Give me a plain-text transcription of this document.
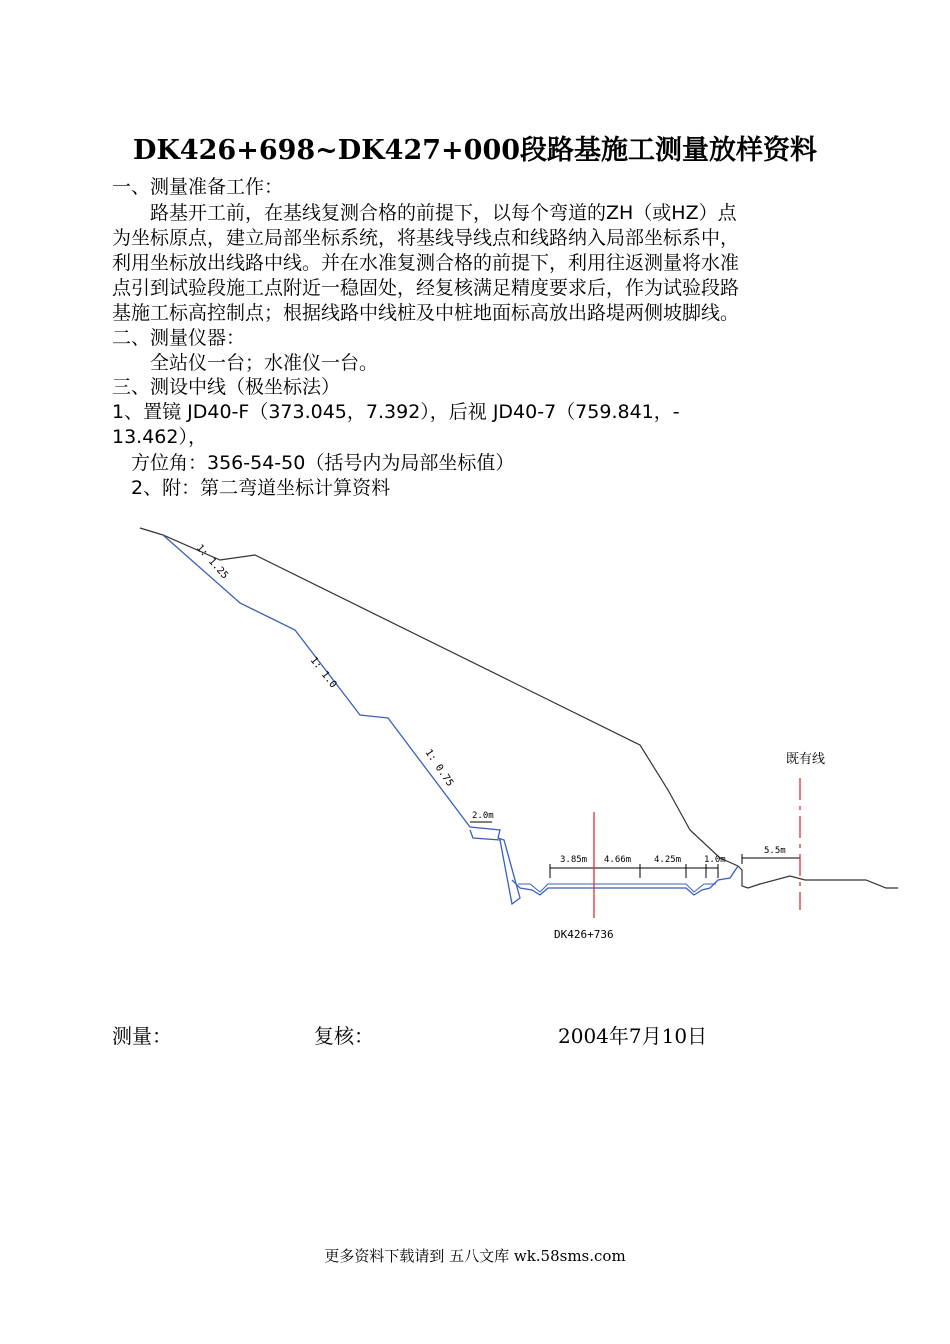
DK426+698~DK427+000段路基施工测量放样资料
一、测量准备工作：
　　路基开工前，在基线复测合格的前提下，以每个弯道的ZH（或HZ）点
为坐标原点，建立局部坐标系统，将基线导线点和线路纳入局部坐标系中，
利用坐标放出线路中线。并在水准复测合格的前提下，利用往返测量将水准
点引到试验段施工点附近一稳固处，经复核满足精度要求后，作为试验段路
基施工标高控制点；根据线路中线桩及中桩地面标高放出路堤两侧坡脚线。
二、测量仪器：
　　全站仪一台；水准仪一台。
三、测设中线（极坐标法）
1、置镜 JD40-F（373.045，7.392），后视 JD40-7（759.841，-
13.462），
　方位角：356-54-50（括号内为局部坐标值）
　2、附：第二弯道坐标计算资料
1: 1.25
1: 1.0
1: 0.75
2.0m
3.85m 4.66m	4.25m	1.0m
5.5m
既有线
DK426+736
测量：	复核：	2004年7月10日
更多资料下载请到 五八文库 wk.58sms.com
